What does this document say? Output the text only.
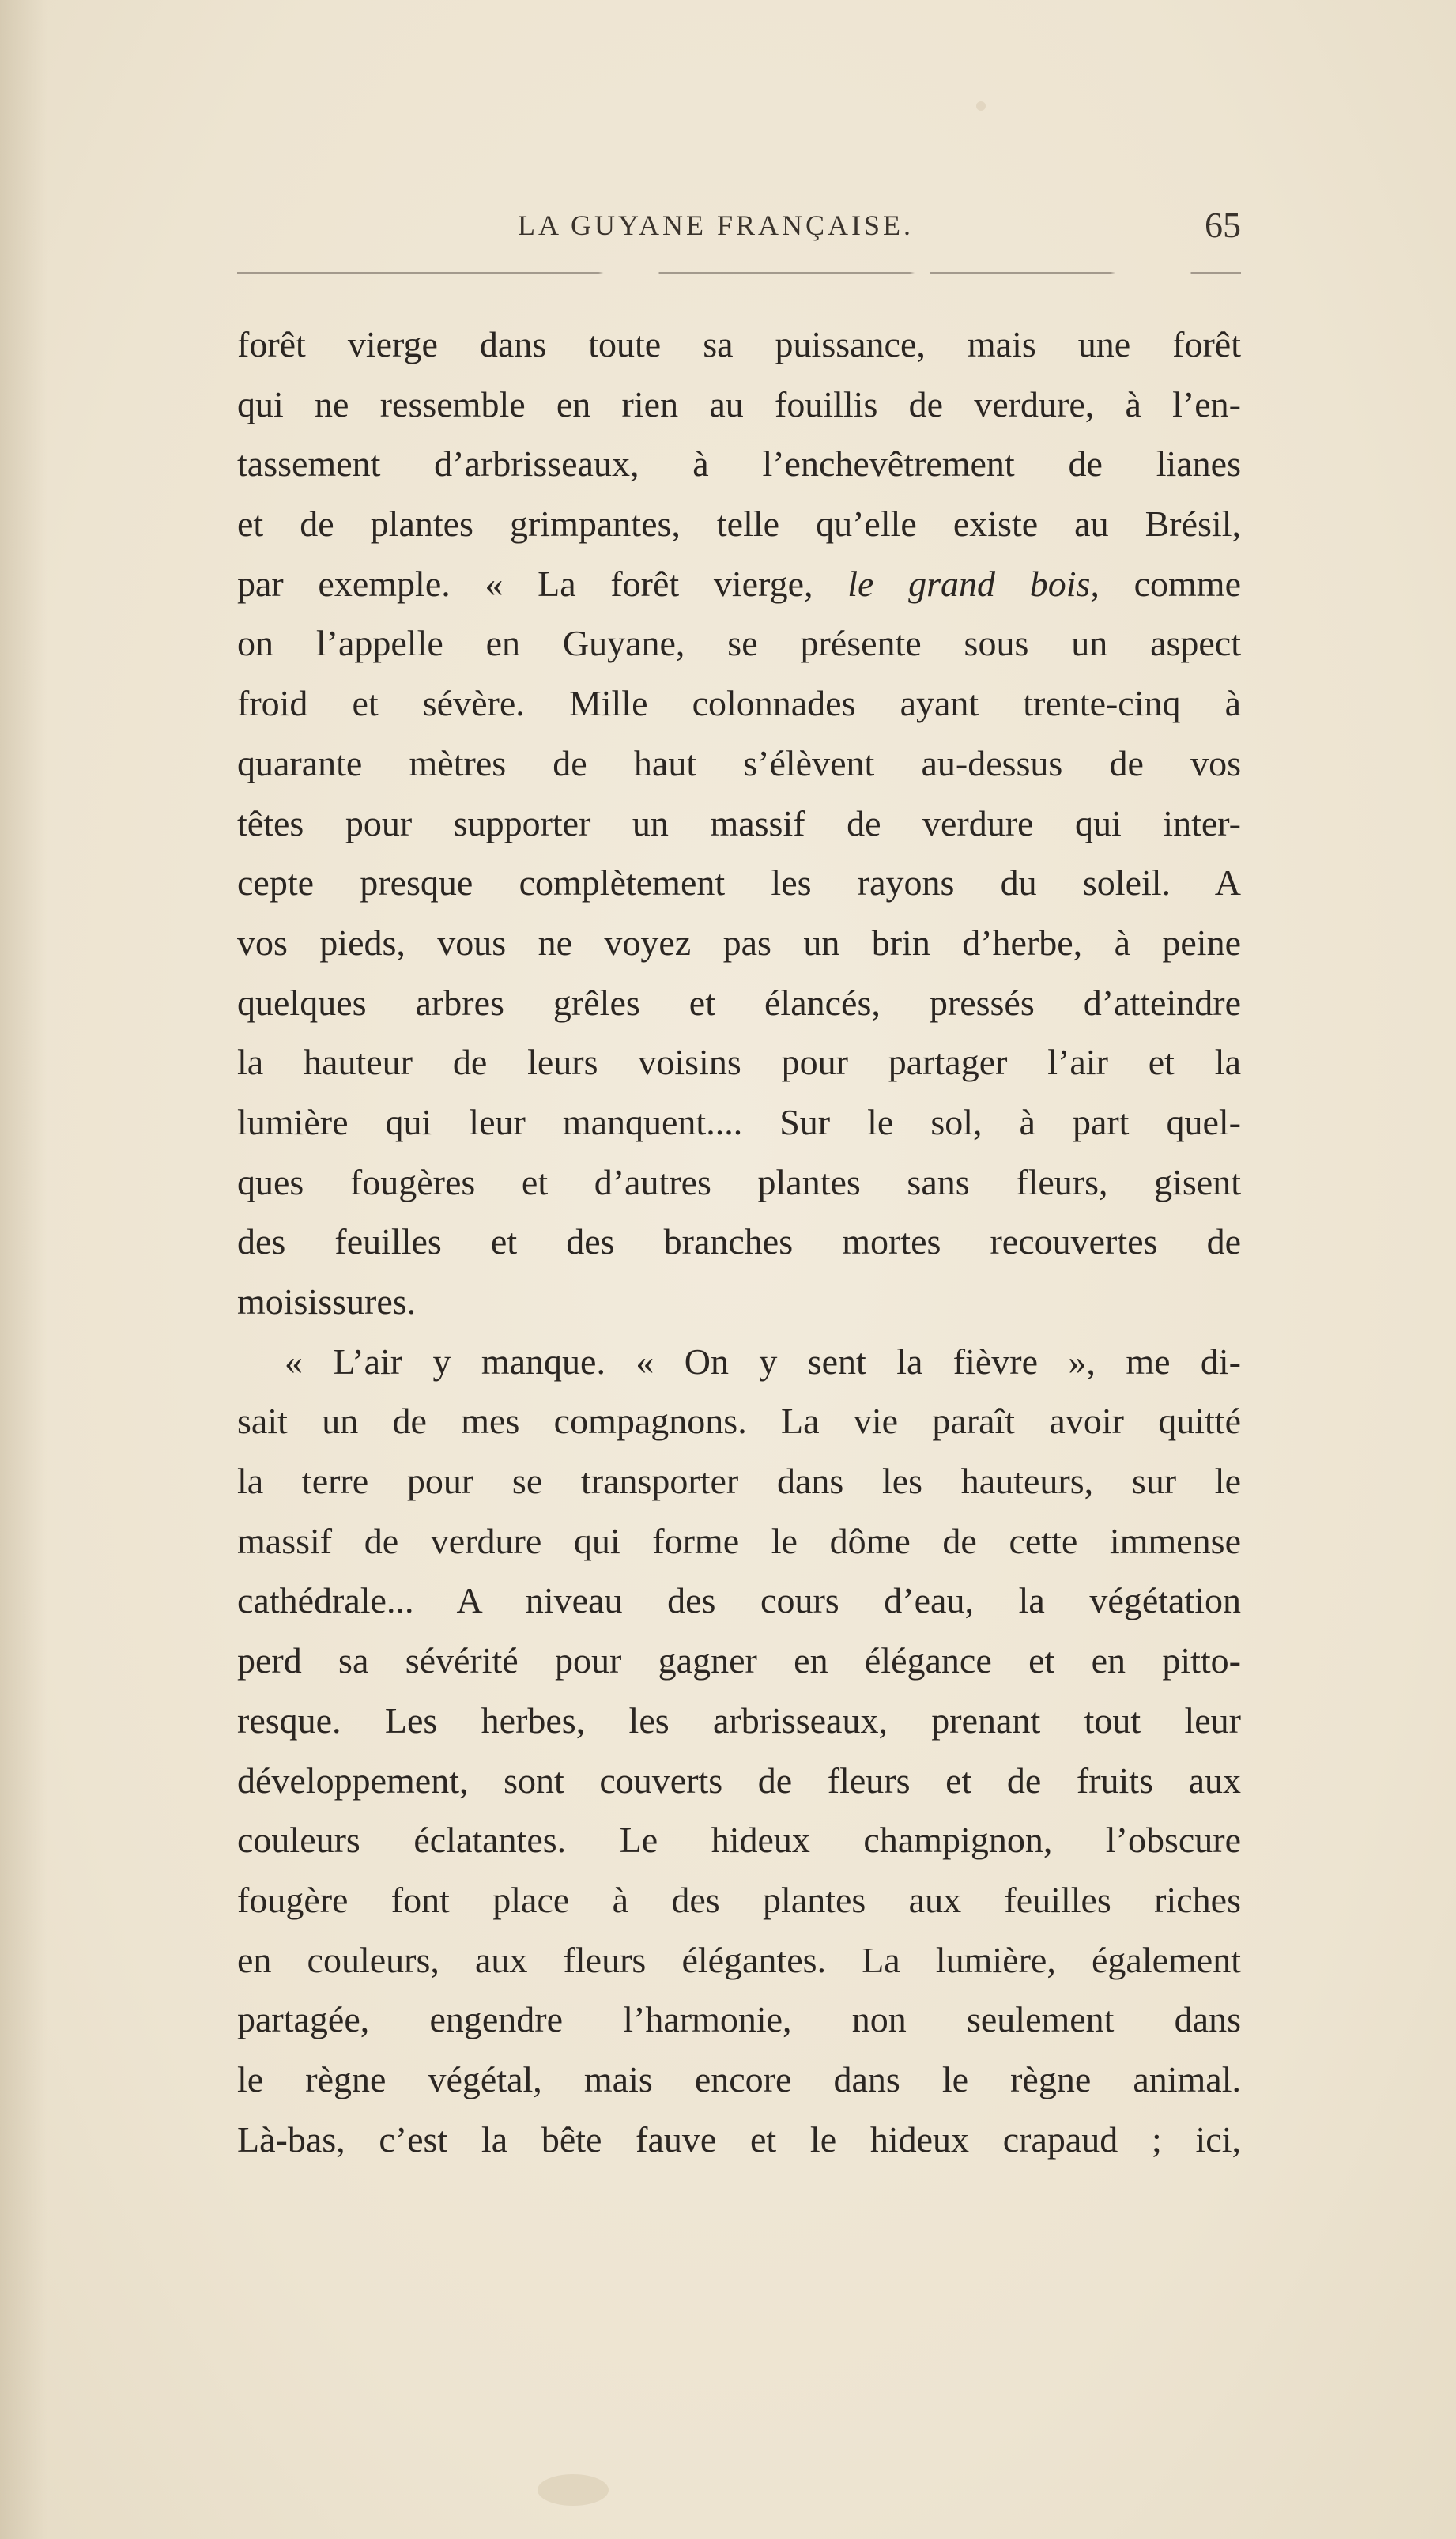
LA GUYANE FRANÇAISE.	65
forêt vierge dans toute sa puissance, mais une forêt
qui ne ressemble en rien au fouillis de verdure, à l’en-
tassement d’arbrisseaux, à l’enchevêtrement de lianes
et de plantes grimpantes, telle qu’elle existe au Brésil,
par exemple. « La forêt vierge, le grand bois, comme
on l’appelle en Guyane, se présente sous un aspect
froid et sévère. Mille colonnades ayant trente-cinq à
quarante mètres de haut s’élèvent au-dessus de vos
têtes pour supporter un massif de verdure qui inter-
cepte presque complètement les rayons du soleil. A
vos pieds, vous ne voyez pas un brin d’herbe, à peine
quelques arbres grêles et élancés, pressés d’atteindre
la hauteur de leurs voisins pour partager l’air et la
lumière qui leur manquent.... Sur le sol, à part quel-
ques fougères et d’autres plantes sans fleurs, gisent
des feuilles et des branches mortes recouvertes de
moisissures.
« L’air y manque. « On y sent la fièvre », me di-
sait un de mes compagnons. La vie paraît avoir quitté
la terre pour se transporter dans les hauteurs, sur le
massif de verdure qui forme le dôme de cette immense
cathédrale... A niveau des cours d’eau, la végétation
perd sa sévérité pour gagner en élégance et en pitto-
resque. Les herbes, les arbrisseaux, prenant tout leur
développement, sont couverts de fleurs et de fruits aux
couleurs éclatantes. Le hideux champignon, l’obscure
fougère font place à des plantes aux feuilles riches
en couleurs, aux fleurs élégantes. La lumière, également
partagée, engendre l’harmonie, non seulement dans
le règne végétal, mais encore dans le règne animal.
Là-bas, c’est la bête fauve et le hideux crapaud ; ici,
